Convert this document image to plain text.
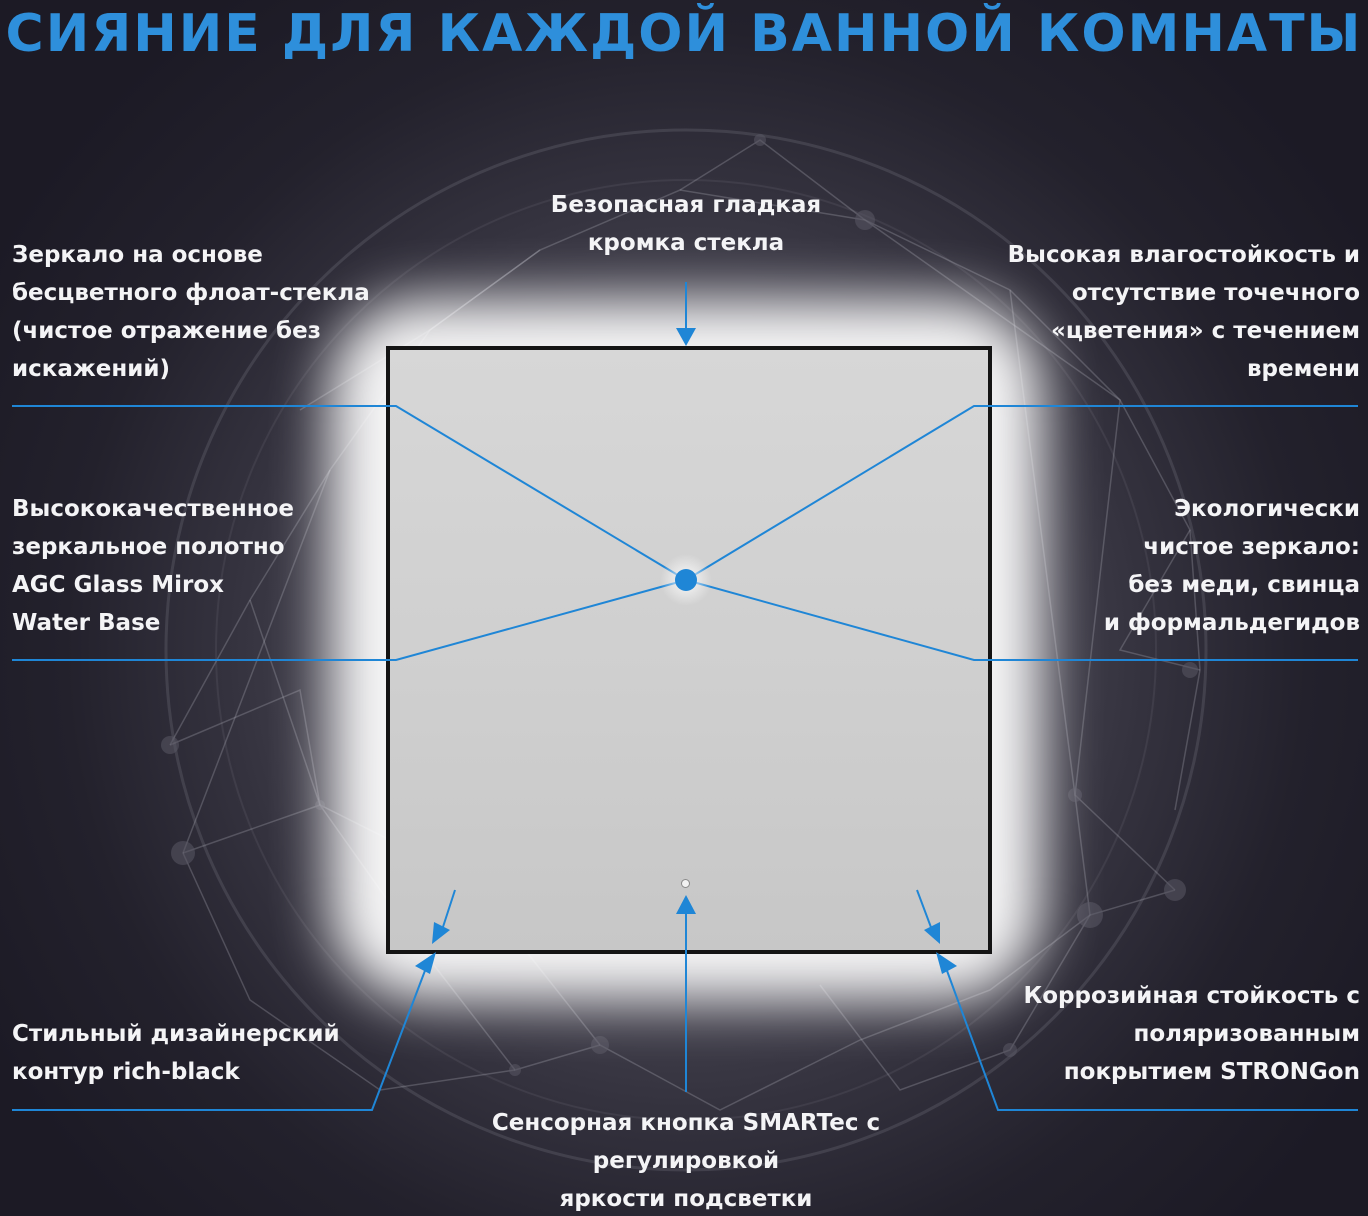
СИЯНИЕ ДЛЯ КАЖДОЙ ВАННОЙ КОМНАТЫ

Безопасная гладкая
кромка стекла

Зеркало на основе
бесцветного флоат-стекла
(чистое отражение без
искажений)

Высокая влагостойкость и
отсутствие точечного
«цветения» с течением
времени

Высококачественное
зеркальное полотно
AGC Glass Mirox
Water Base

Экологически
чистое зеркало:
без меди, свинца
и формальдегидов

Стильный дизайнерский
контур rich-black

Коррозийная стойкость с
поляризованным
покрытием STRONGon

Сенсорная кнопка SMARTec с
регулировкой
яркости подсветки
